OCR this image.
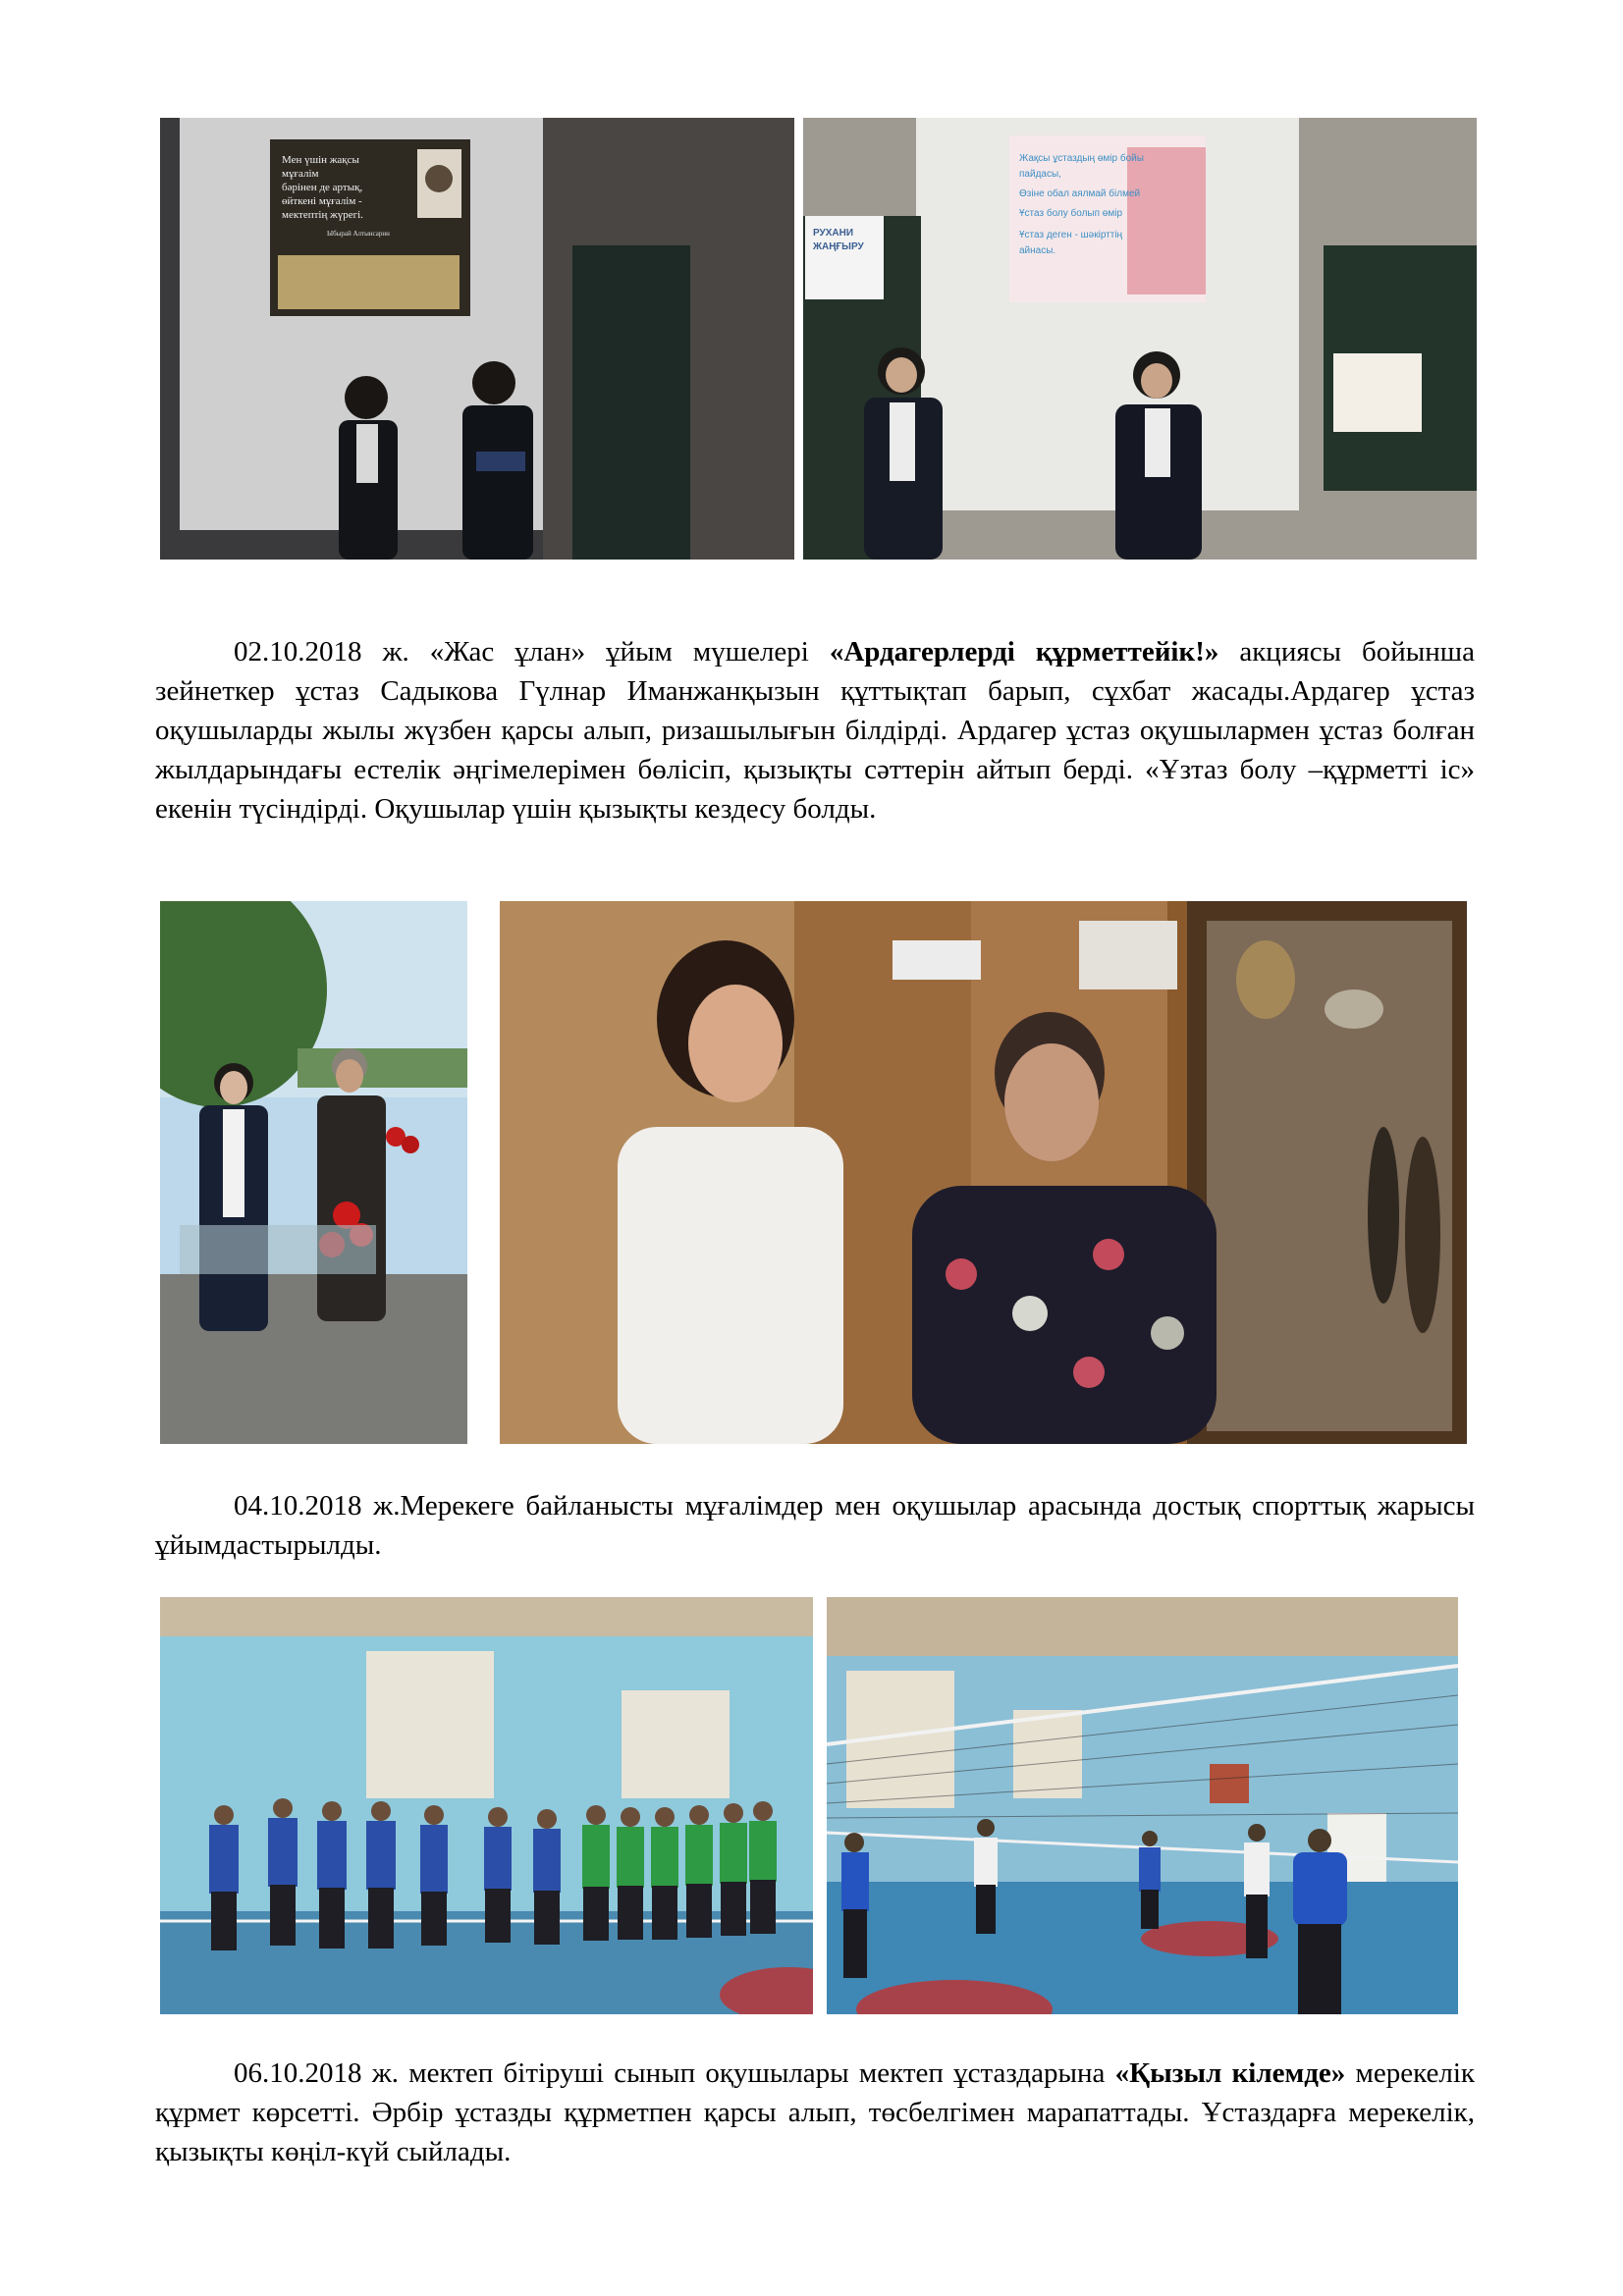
Мен үшін жақсы
мұғалім
бәрінен де артық,
өйткені мұғалім -
мектептің жүрегі.
Ыбырай Алтынсарин	РУХАНИ
ЖАҢҒЫРУ
Жақсы ұстаздың өмір бойы
пайдасы,
Өзіне обал аялмай білмей
Ұстаз болу болып өмір
Ұстаз деген - шәкірттің
айнасы.

02.10.2018 ж. «Жас ұлан» ұйым мүшелері «Ардагерлерді құрметтейік!» акциясы бойынша зейнеткер ұстаз Садыкова Гүлнар Иманжанқызын құттықтап барып, сұхбат жасады.Ардагер ұстаз оқушыларды жылы жүзбен қарсы алып, ризашылығын білдірді. Ардагер ұстаз оқушылармен ұстаз болған жылдарындағы естелік әңгімелерімен бөлісіп, қызықты сәттерін айтып берді. «Ұзтаз болу –құрметті іс» екенін түсіндірді. Оқушылар үшін қызықты кездесу болды.

04.10.2018 ж.Мерекеге байланысты мұғалімдер мен оқушылар арасында достық спорттық жарысы ұйымдастырылды.

06.10.2018 ж. мектеп бітіруші сынып оқушылары мектеп ұстаздарына «Қызыл кілемде» мерекелік құрмет көрсетті. Әрбір ұстазды құрметпен қарсы алып, төсбелгімен марапаттады. Ұстаздарға мерекелік, қызықты көңіл-күй сыйлады.
